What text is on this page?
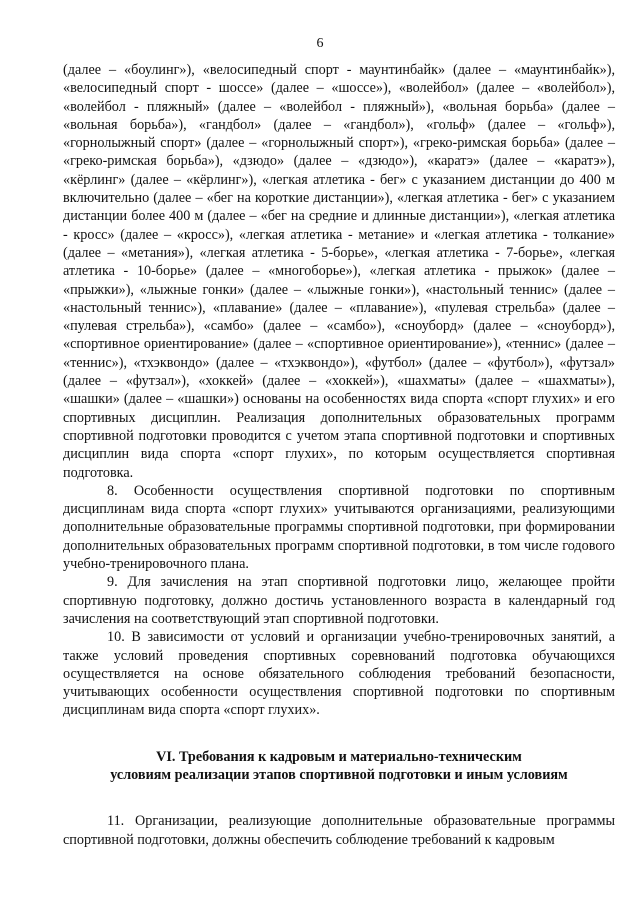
6

(далее – «боулинг»), «велосипедный спорт - маунтинбайк» (далее – «маунтинбайк»), «велосипедный спорт - шоссе» (далее – «шоссе»), «волейбол» (далее – «волейбол»), «волейбол - пляжный» (далее – «волейбол - пляжный»), «вольная борьба» (далее – «вольная борьба»), «гандбол» (далее – «гандбол»), «гольф» (далее – «гольф»), «горнолыжный спорт» (далее – «горнолыжный спорт»), «греко-римская борьба» (далее – «греко-римская борьба»), «дзюдо» (далее – «дзюдо»), «каратэ» (далее – «каратэ»), «кёрлинг» (далее – «кёрлинг»), «легкая атлетика - бег» с указанием дистанции до 400 м включительно (далее – «бег на короткие дистанции»), «легкая атлетика - бег» с указанием дистанции более 400 м (далее – «бег на средние и длинные дистанции»), «легкая атлетика - кросс» (далее – «кросс»), «легкая атлетика - метание» и «легкая атлетика - толкание» (далее – «метания»), «легкая атлетика - 5-борье», «легкая атлетика - 7-борье», «легкая атлетика - 10-борье» (далее – «многоборье»), «легкая атлетика - прыжок» (далее – «прыжки»), «лыжные гонки» (далее – «лыжные гонки»), «настольный теннис» (далее – «настольный теннис»), «плавание» (далее – «плавание»), «пулевая стрельба» (далее – «пулевая стрельба»), «самбо» (далее – «самбо»), «сноуборд» (далее – «сноуборд»), «спортивное ориентирование» (далее – «спортивное ориентирование»), «теннис» (далее – «теннис»), «тхэквондо» (далее – «тхэквондо»), «футбол» (далее – «футбол»), «футзал» (далее – «футзал»), «хоккей» (далее – «хоккей»), «шахматы» (далее – «шахматы»), «шашки» (далее – «шашки») основаны на особенностях вида спорта «спорт глухих» и его спортивных дисциплин. Реализация дополнительных образовательных программ спортивной подготовки проводится с учетом этапа спортивной подготовки и спортивных дисциплин вида спорта «спорт глухих», по которым осуществляется спортивная подготовка.

8. Особенности осуществления спортивной подготовки по спортивным дисциплинам вида спорта «спорт глухих» учитываются организациями, реализующими дополнительные образовательные программы спортивной подготовки, при формировании дополнительных образовательных программ спортивной подготовки, в том числе годового учебно-тренировочного плана.

9. Для зачисления на этап спортивной подготовки лицо, желающее пройти спортивную подготовку, должно достичь установленного возраста в календарный год зачисления на соответствующий этап спортивной подготовки.

10. В зависимости от условий и организации учебно-тренировочных занятий, а также условий проведения спортивных соревнований подготовка обучающихся осуществляется на основе обязательного соблюдения требований безопасности, учитывающих особенности осуществления спортивной подготовки по спортивным дисциплинам вида спорта «спорт глухих».

VI. Требования к кадровым и материально-техническим
условиям реализации этапов спортивной подготовки и иным условиям

11. Организации, реализующие дополнительные образовательные программы спортивной подготовки, должны обеспечить соблюдение требований к кадровым
